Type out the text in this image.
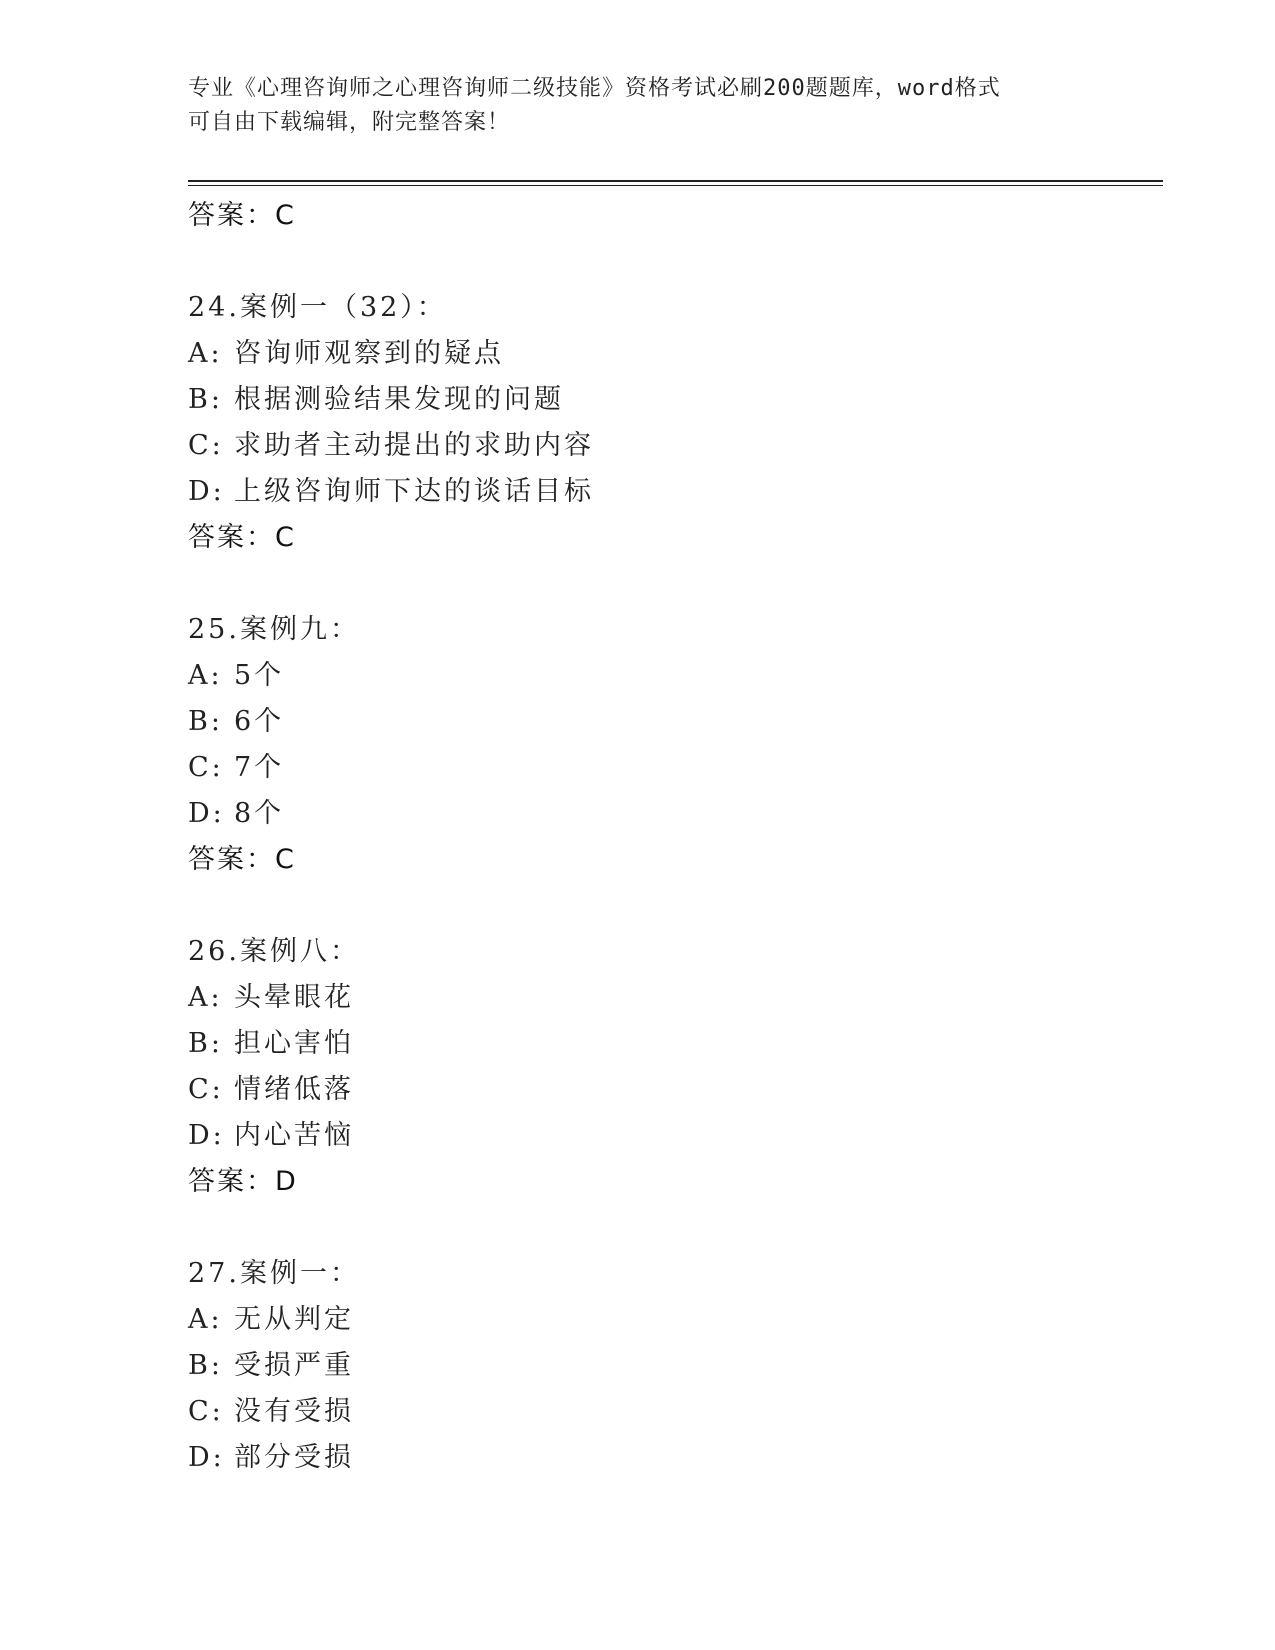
专业《心理咨询师之心理咨询师二级技能》资格考试必刷200题题库，word格式
可自由下载编辑，附完整答案！
答案：C
24.案例一（32）：
A: 咨询师观察到的疑点
B: 根据测验结果发现的问题
C: 求助者主动提出的求助内容
D: 上级咨询师下达的谈话目标
答案：C
25.案例九：
A: 5个
B: 6个
C: 7个
D: 8个
答案：C
26.案例八：
A: 头晕眼花
B: 担心害怕
C: 情绪低落
D: 内心苦恼
答案：D
27.案例一：
A: 无从判定
B: 受损严重
C: 没有受损
D: 部分受损
